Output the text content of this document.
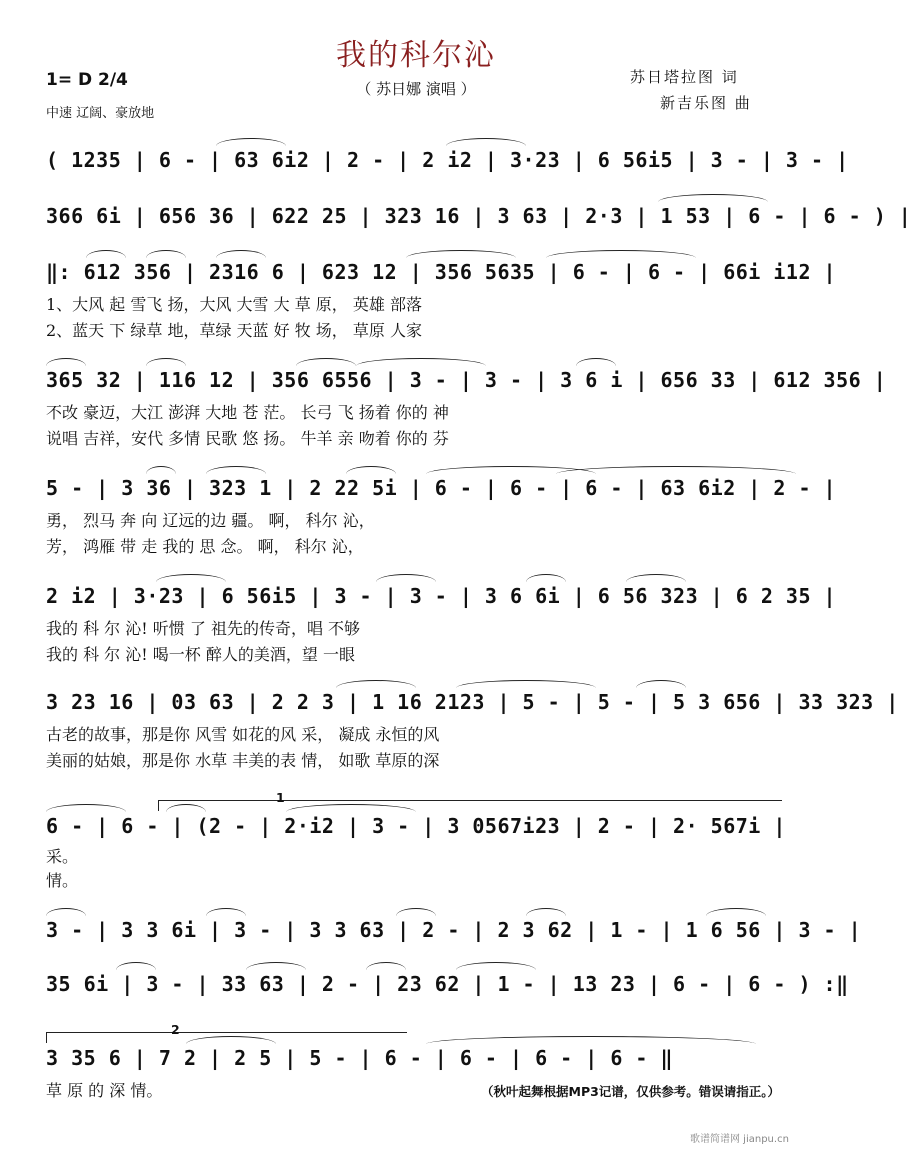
我的科尔沁
（ 苏日娜 演唱 ）
1= D 2/4
中速 辽阔、豪放地
苏日塔拉图 词
新吉乐图 曲
( 1235 | 6 - | 63 6i2 | 2 - | 2 i2 | 3·23 | 6 56i5 | 3 - | 3 - |
366 6i | 656 36 | 622 25 | 323 16 | 3 63 | 2·3 | 1 53 | 6 - | 6 - ) |
‖: 612 356 | 2316 6 | 623 12 | 356 5635 | 6 - | 6 - | 66i i12 |
1、大风 起 雪飞 扬，大风 大雪 大 草 原， 英雄 部落
2、蓝天 下 绿草 地，草绿 天蓝 好 牧 场， 草原 人家
365 32 | 116 12 | 356 6556 | 3 - | 3 - | 3 6 i | 656 33 | 612 356 |
不改 豪迈，大江 澎湃 大地 苍 茫。 长弓 飞 扬着 你的 神
说唱 吉祥，安代 多情 民歌 悠 扬。 牛羊 亲 吻着 你的 芬
5 - | 3 36 | 323 1 | 2 22 5i | 6 - | 6 - | 6 - | 63 6i2 | 2 - |
勇， 烈马 奔 向 辽远的边 疆。 啊， 科尔 沁，
芳， 鸿雁 带 走 我的 思 念。 啊， 科尔 沁，
2 i2 | 3·23 | 6 56i5 | 3 - | 3 - | 3 6 6i | 6 56 323 | 6 2 35 |
我的 科 尔 沁! 听惯 了 祖先的传奇，唱 不够
我的 科 尔 沁! 喝一杯 醉人的美酒，望 一眼
3 23 16 | 03 63 | 2 2 3 | 1 16 2123 | 5 - | 5 - | 5 3 656 | 33 323 |
古老的故事，那是你 风雪 如花的风 采， 凝成 永恒的风
美丽的姑娘，那是你 水草 丰美的表 情， 如歌 草原的深
1
6 - | 6 - | (2 - | 2·i2 | 3 - | 3 0567i23 | 2 - | 2· 567i |
采。
情。
3 - | 3 3 6i | 3 - | 3 3 63 | 2 - | 2 3 62 | 1 - | 1 6 56 | 3 - |
35 6i | 3 - | 33 63 | 2 - | 23 62 | 1 - | 13 23 | 6 - | 6 - ) :‖
2
3 35 6 | 7 2 | 2 5 | 5 - | 6 - | 6 - | 6 - | 6 - ‖
草 原 的 深 情。	（秋叶起舞根据MP3记谱，仅供参考。错误请指正。）
歌谱简谱网 jianpu.cn
